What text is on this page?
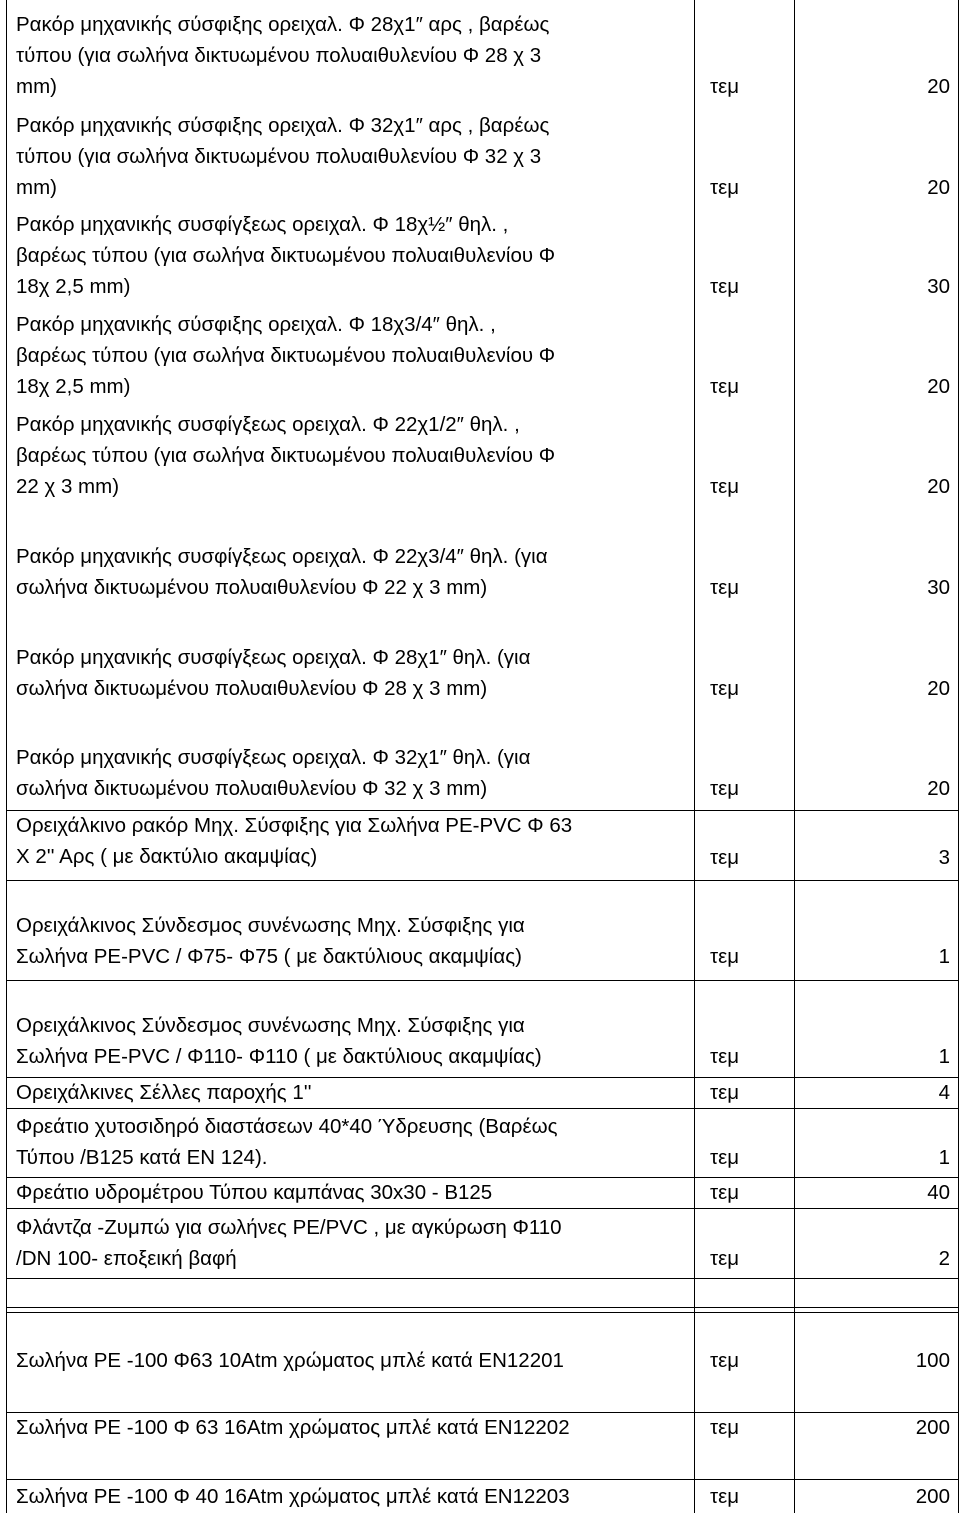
Ρακόρ μηχανικής σύσφιξης ορειχαλ. Φ 28χ1″ αρς , βαρέως
τύπου (για σωλήνα δικτυωμένου πολυαιθυλενίου Φ 28 χ 3
mm)	τεμ	20
Ρακόρ μηχανικής σύσφιξης ορειχαλ. Φ 32χ1″ αρς , βαρέως
τύπου (για σωλήνα δικτυωμένου πολυαιθυλενίου Φ 32 χ 3
mm)	τεμ	20
Ρακόρ μηχανικής συσφίγξεως ορειχαλ. Φ 18χ½″ θηλ. ,
βαρέως τύπου (για σωλήνα δικτυωμένου πολυαιθυλενίου Φ
18χ 2,5 mm)	τεμ	30
Ρακόρ μηχανικής σύσφιξης ορειχαλ. Φ 18χ3/4″ θηλ. ,
βαρέως τύπου (για σωλήνα δικτυωμένου πολυαιθυλενίου Φ
18χ 2,5 mm)	τεμ	20
Ρακόρ μηχανικής συσφίγξεως ορειχαλ. Φ 22χ1/2″ θηλ. ,
βαρέως τύπου (για σωλήνα δικτυωμένου πολυαιθυλενίου Φ
22 χ 3 mm)	τεμ	20
Ρακόρ μηχανικής συσφίγξεως ορειχαλ. Φ 22χ3/4″ θηλ. (για
σωλήνα δικτυωμένου πολυαιθυλενίου Φ 22 χ 3 mm)	τεμ	30
Ρακόρ μηχανικής συσφίγξεως ορειχαλ. Φ 28χ1″ θηλ. (για
σωλήνα δικτυωμένου πολυαιθυλενίου Φ 28 χ 3 mm)	τεμ	20
Ρακόρ μηχανικής συσφίγξεως ορειχαλ. Φ 32χ1″ θηλ. (για
σωλήνα δικτυωμένου πολυαιθυλενίου Φ 32 χ 3 mm)	τεμ	20
Ορειχάλκινο ρακόρ Μηχ. Σύσφιξης για Σωλήνα PE-PVC Φ 63
Χ 2'' Αρς ( με δακτύλιο ακαμψίας)	τεμ	3
Ορειχάλκινος Σύνδεσμος συνένωσης Μηχ. Σύσφιξης για
Σωλήνα PE-PVC / Φ75- Φ75 ( με δακτύλιους ακαμψίας)	τεμ	1
Ορειχάλκινος Σύνδεσμος συνένωσης Μηχ. Σύσφιξης για
Σωλήνα PE-PVC / Φ110- Φ110 ( με δακτύλιους ακαμψίας)	τεμ	1
Ορειχάλκινες Σέλλες παροχής 1''	τεμ	4
Φρεάτιο χυτοσιδηρό διαστάσεων 40*40 Ύδρευσης (Βαρέως
Τύπου /Β125 κατά EN 124).	τεμ	1
Φρεάτιο υδρομέτρου Τύπου καμπάνας 30x30 - B125	τεμ	40
Φλάντζα -Ζυμπώ για σωλήνες PE/PVC , με αγκύρωση Φ110
/DN 100- εποξεική βαφή	τεμ	2
Σωλήνα PE -100 Φ63 10Atm χρώματος μπλέ κατά ΕΝ12201	τεμ	100
Σωλήνα PE -100 Φ 63 16Atm χρώματος μπλέ κατά ΕΝ12202	τεμ	200
Σωλήνα PE -100 Φ 40 16Atm χρώματος μπλέ κατά ΕΝ12203	τεμ	200
